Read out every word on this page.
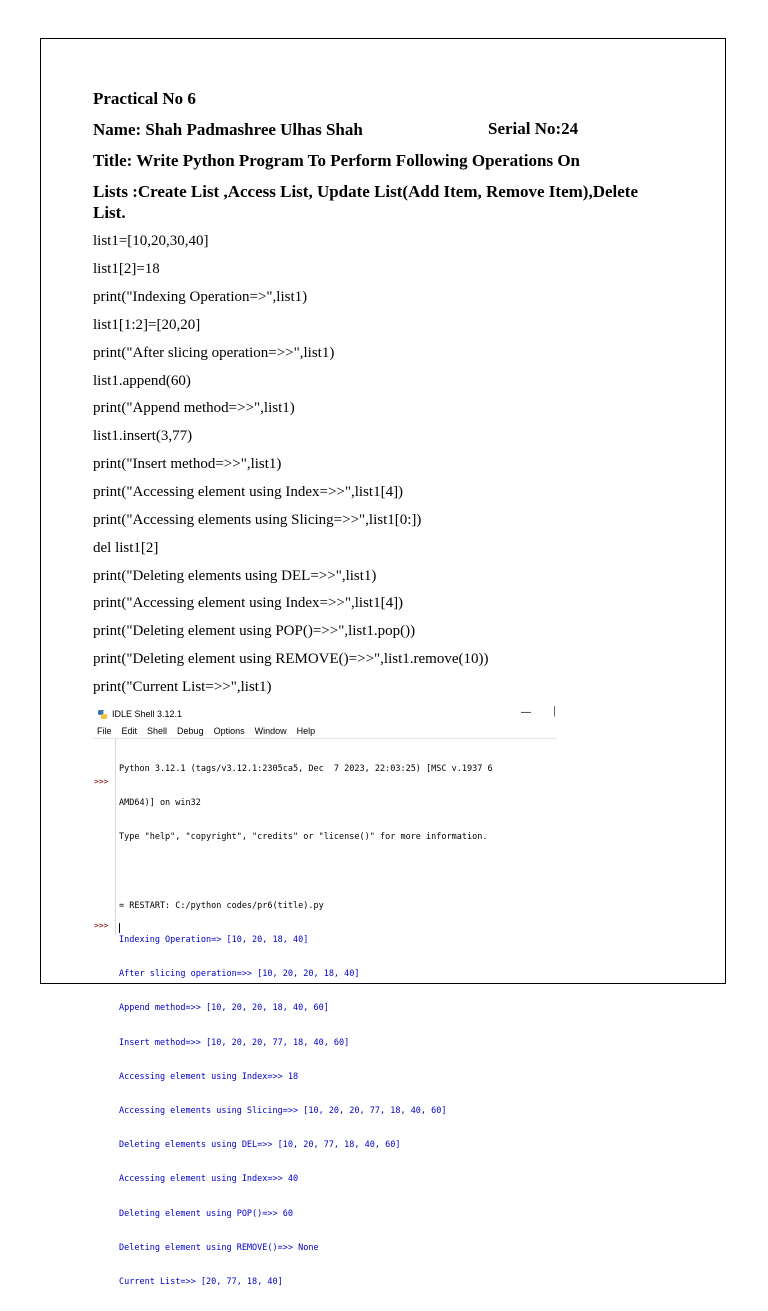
Practical No 6
Name: Shah Padmashree Ulhas Shah	Serial No:24
Title: Write Python Program To Perform Following Operations On
Lists :Create List ,Access List, Update List(Add Item, Remove Item),Delete
List.
list1=[10,20,30,40]
list1[2]=18
print("Indexing Operation=>",list1)
list1[1:2]=[20,20]
print("After slicing operation=>>",list1)
list1.append(60)
print("Append method=>>",list1)
list1.insert(3,77)
print("Insert method=>>",list1)
print("Accessing element using Index=>>",list1[4])
print("Accessing elements using Slicing=>>",list1[0:])
del list1[2]
print("Deleting elements using DEL=>>",list1)
print("Accessing element using Index=>>",list1[4])
print("Deleting element using POP()=>>",list1.pop())
print("Deleting element using REMOVE()=>>",list1.remove(10))
print("Current List=>>",list1)
IDLE Shell 3.12.1	— |
File Edit Shell Debug Options Window Help
>>>
>>>

Python 3.12.1 (tags/v3.12.1:2305ca5, Dec  7 2023, 22:03:25) [MSC v.1937 6

AMD64)] on win32

Type "help", "copyright", "credits" or "license()" for more information.

= RESTART: C:/python codes/pr6(title).py

Indexing Operation=> [10, 20, 18, 40]

After slicing operation=>> [10, 20, 20, 18, 40]

Append method=>> [10, 20, 20, 18, 40, 60]

Insert method=>> [10, 20, 20, 77, 18, 40, 60]

Accessing element using Index=>> 18

Accessing elements using Slicing=>> [10, 20, 20, 77, 18, 40, 60]

Deleting elements using DEL=>> [10, 20, 77, 18, 40, 60]

Accessing element using Index=>> 40

Deleting element using POP()=>> 60

Deleting element using REMOVE()=>> None

Current List=>> [20, 77, 18, 40]
